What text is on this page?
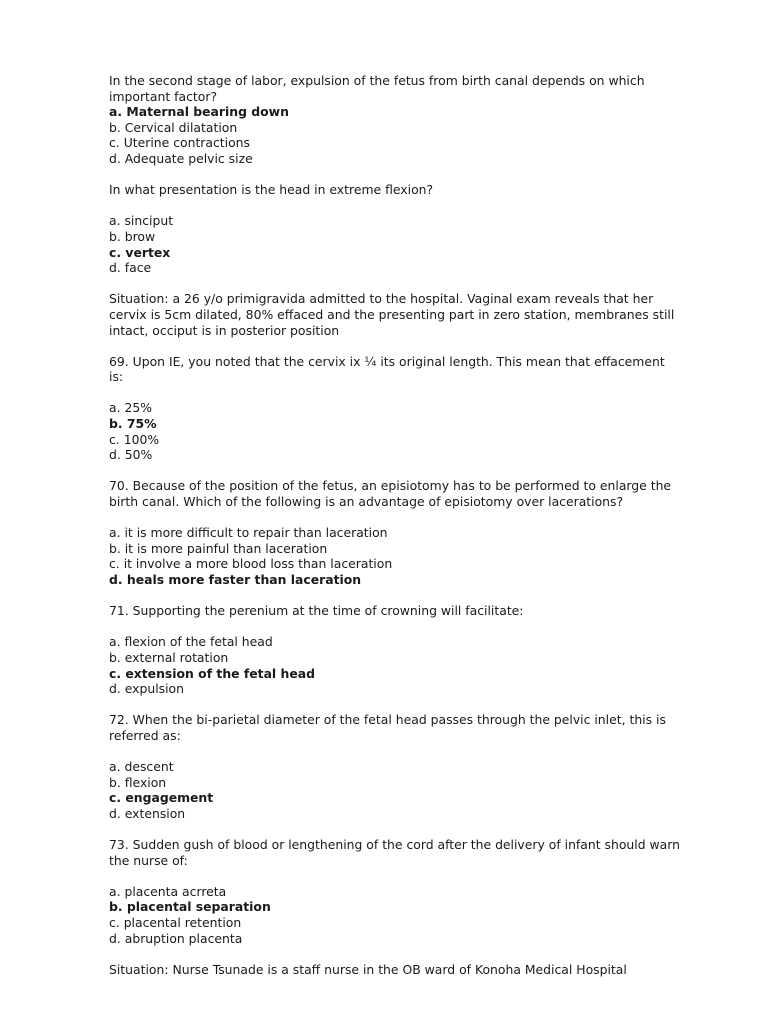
In the second stage of labor, expulsion of the fetus from birth canal depends on which
important factor?
a. Maternal bearing down
b. Cervical dilatation
c. Uterine contractions
d. Adequate pelvic size
In what presentation is the head in extreme flexion?
a. sinciput
b. brow
c. vertex
d. face
Situation: a 26 y/o primigravida admitted to the hospital. Vaginal exam reveals that her
cervix is 5cm dilated, 80% effaced and the presenting part in zero station, membranes still
intact, occiput is in posterior position
69. Upon IE, you noted that the cervix ix ¼ its original length. This mean that effacement
is:
a. 25%
b. 75%
c. 100%
d. 50%
70. Because of the position of the fetus, an episiotomy has to be performed to enlarge the
birth canal. Which of the following is an advantage of episiotomy over lacerations?
a. it is more difficult to repair than laceration
b. it is more painful than laceration
c. it involve a more blood loss than laceration
d. heals more faster than laceration
71. Supporting the perenium at the time of crowning will facilitate:
a. flexion of the fetal head
b. external rotation
c. extension of the fetal head
d. expulsion
72. When the bi-parietal diameter of the fetal head passes through the pelvic inlet, this is
referred as:
a. descent
b. flexion
c. engagement
d. extension
73. Sudden gush of blood or lengthening of the cord after the delivery of infant should warn
the nurse of:
a. placenta acrreta
b. placental separation
c. placental retention
d. abruption placenta
Situation: Nurse Tsunade is a staff nurse in the OB ward of Konoha Medical Hospital
